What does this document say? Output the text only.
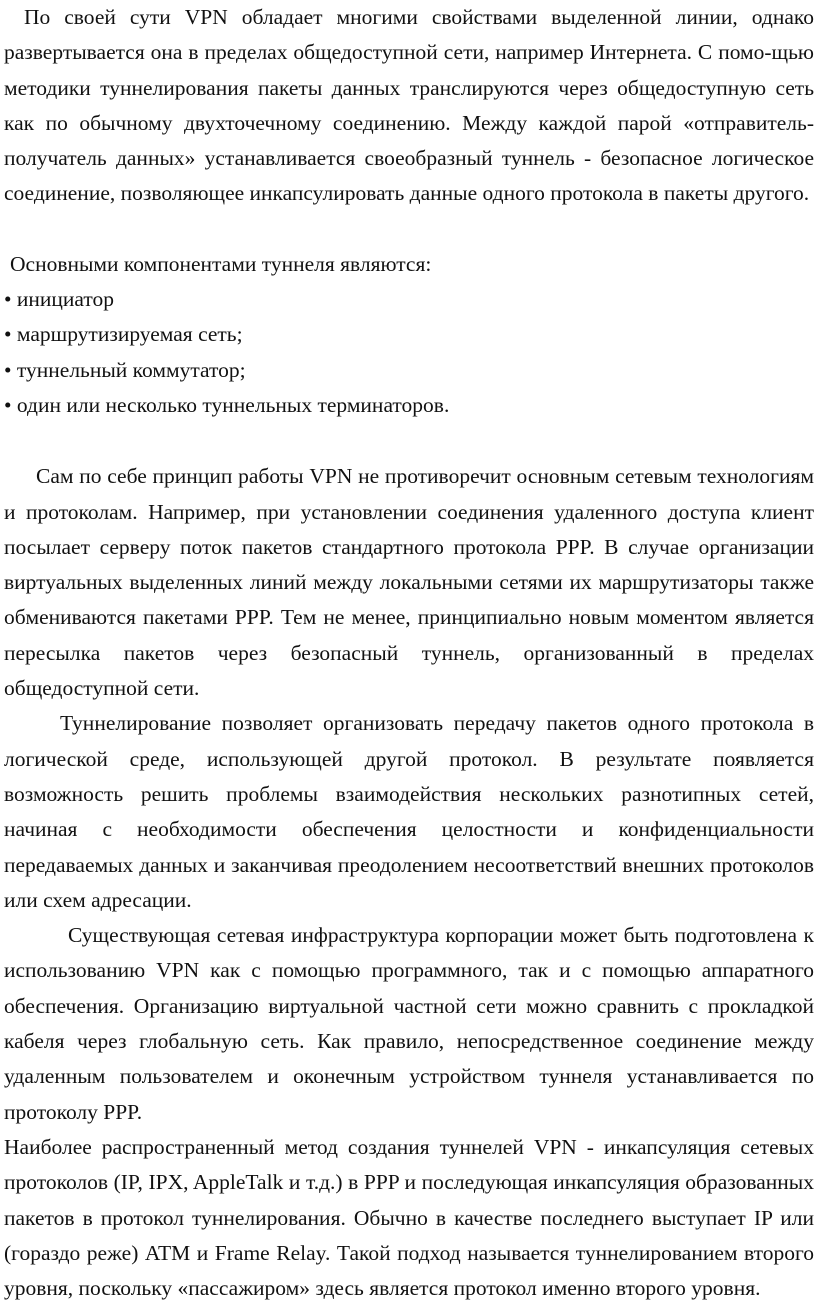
По своей сути VPN обладает многими свойствами выделенной линии, однако развертывается она в пределах общедоступной сети, например Интернета. С помо-щью методики туннелирования пакеты данных транслируются через общедоступную сеть как по обычному двухточечному соединению. Между каждой парой «отправитель-получатель данных» устанавливается своеобразный туннель - безопасное логическое соединение, позволяющее инкапсулировать данные одного протокола в пакеты другого.

Основными компонентами туннеля являются:

• инициатор
• маршрутизируемая сеть;
• туннельный коммутатор;
• один или несколько туннельных терминаторов.

Сам по себе принцип работы VPN не противоречит основным сетевым технологиям и протоколам. Например, при установлении соединения удаленного доступа клиент посылает серверу поток пакетов стандартного протокола PPP. В случае организации виртуальных выделенных линий между локальными сетями их маршрутизаторы также обмениваются пакетами PPP. Тем не менее, принципиально новым моментом является пересылка пакетов через безопасный туннель, организованный в пределах общедоступной сети.

Туннелирование позволяет организовать передачу пакетов одного протокола в логической среде, использующей другой протокол. В результате появляется возможность решить проблемы взаимодействия нескольких разнотипных сетей, начиная с необходимости обеспечения целостности и конфиденциальности передаваемых данных и заканчивая преодолением несоответствий внешних протоколов или схем адресации.

Существующая сетевая инфраструктура корпорации может быть подготовлена к использованию VPN как с помощью программного, так и с помощью аппаратного обеспечения. Организацию виртуальной частной сети можно сравнить с прокладкой кабеля через глобальную сеть. Как правило, непосредственное соединение между удаленным пользователем и оконечным устройством туннеля устанавливается по протоколу PPP.

Наиболее распространенный метод создания туннелей VPN - инкапсуляция сетевых протоколов (IP, IPX, AppleTalk и т.д.) в PPP и последующая инкапсуляция образованных пакетов в протокол туннелирования. Обычно в качестве последнего выступает IP или (гораздо реже) ATM и Frame Relay. Такой подход называется туннелированием второго уровня, поскольку «пассажиром» здесь является протокол именно второго уровня.
